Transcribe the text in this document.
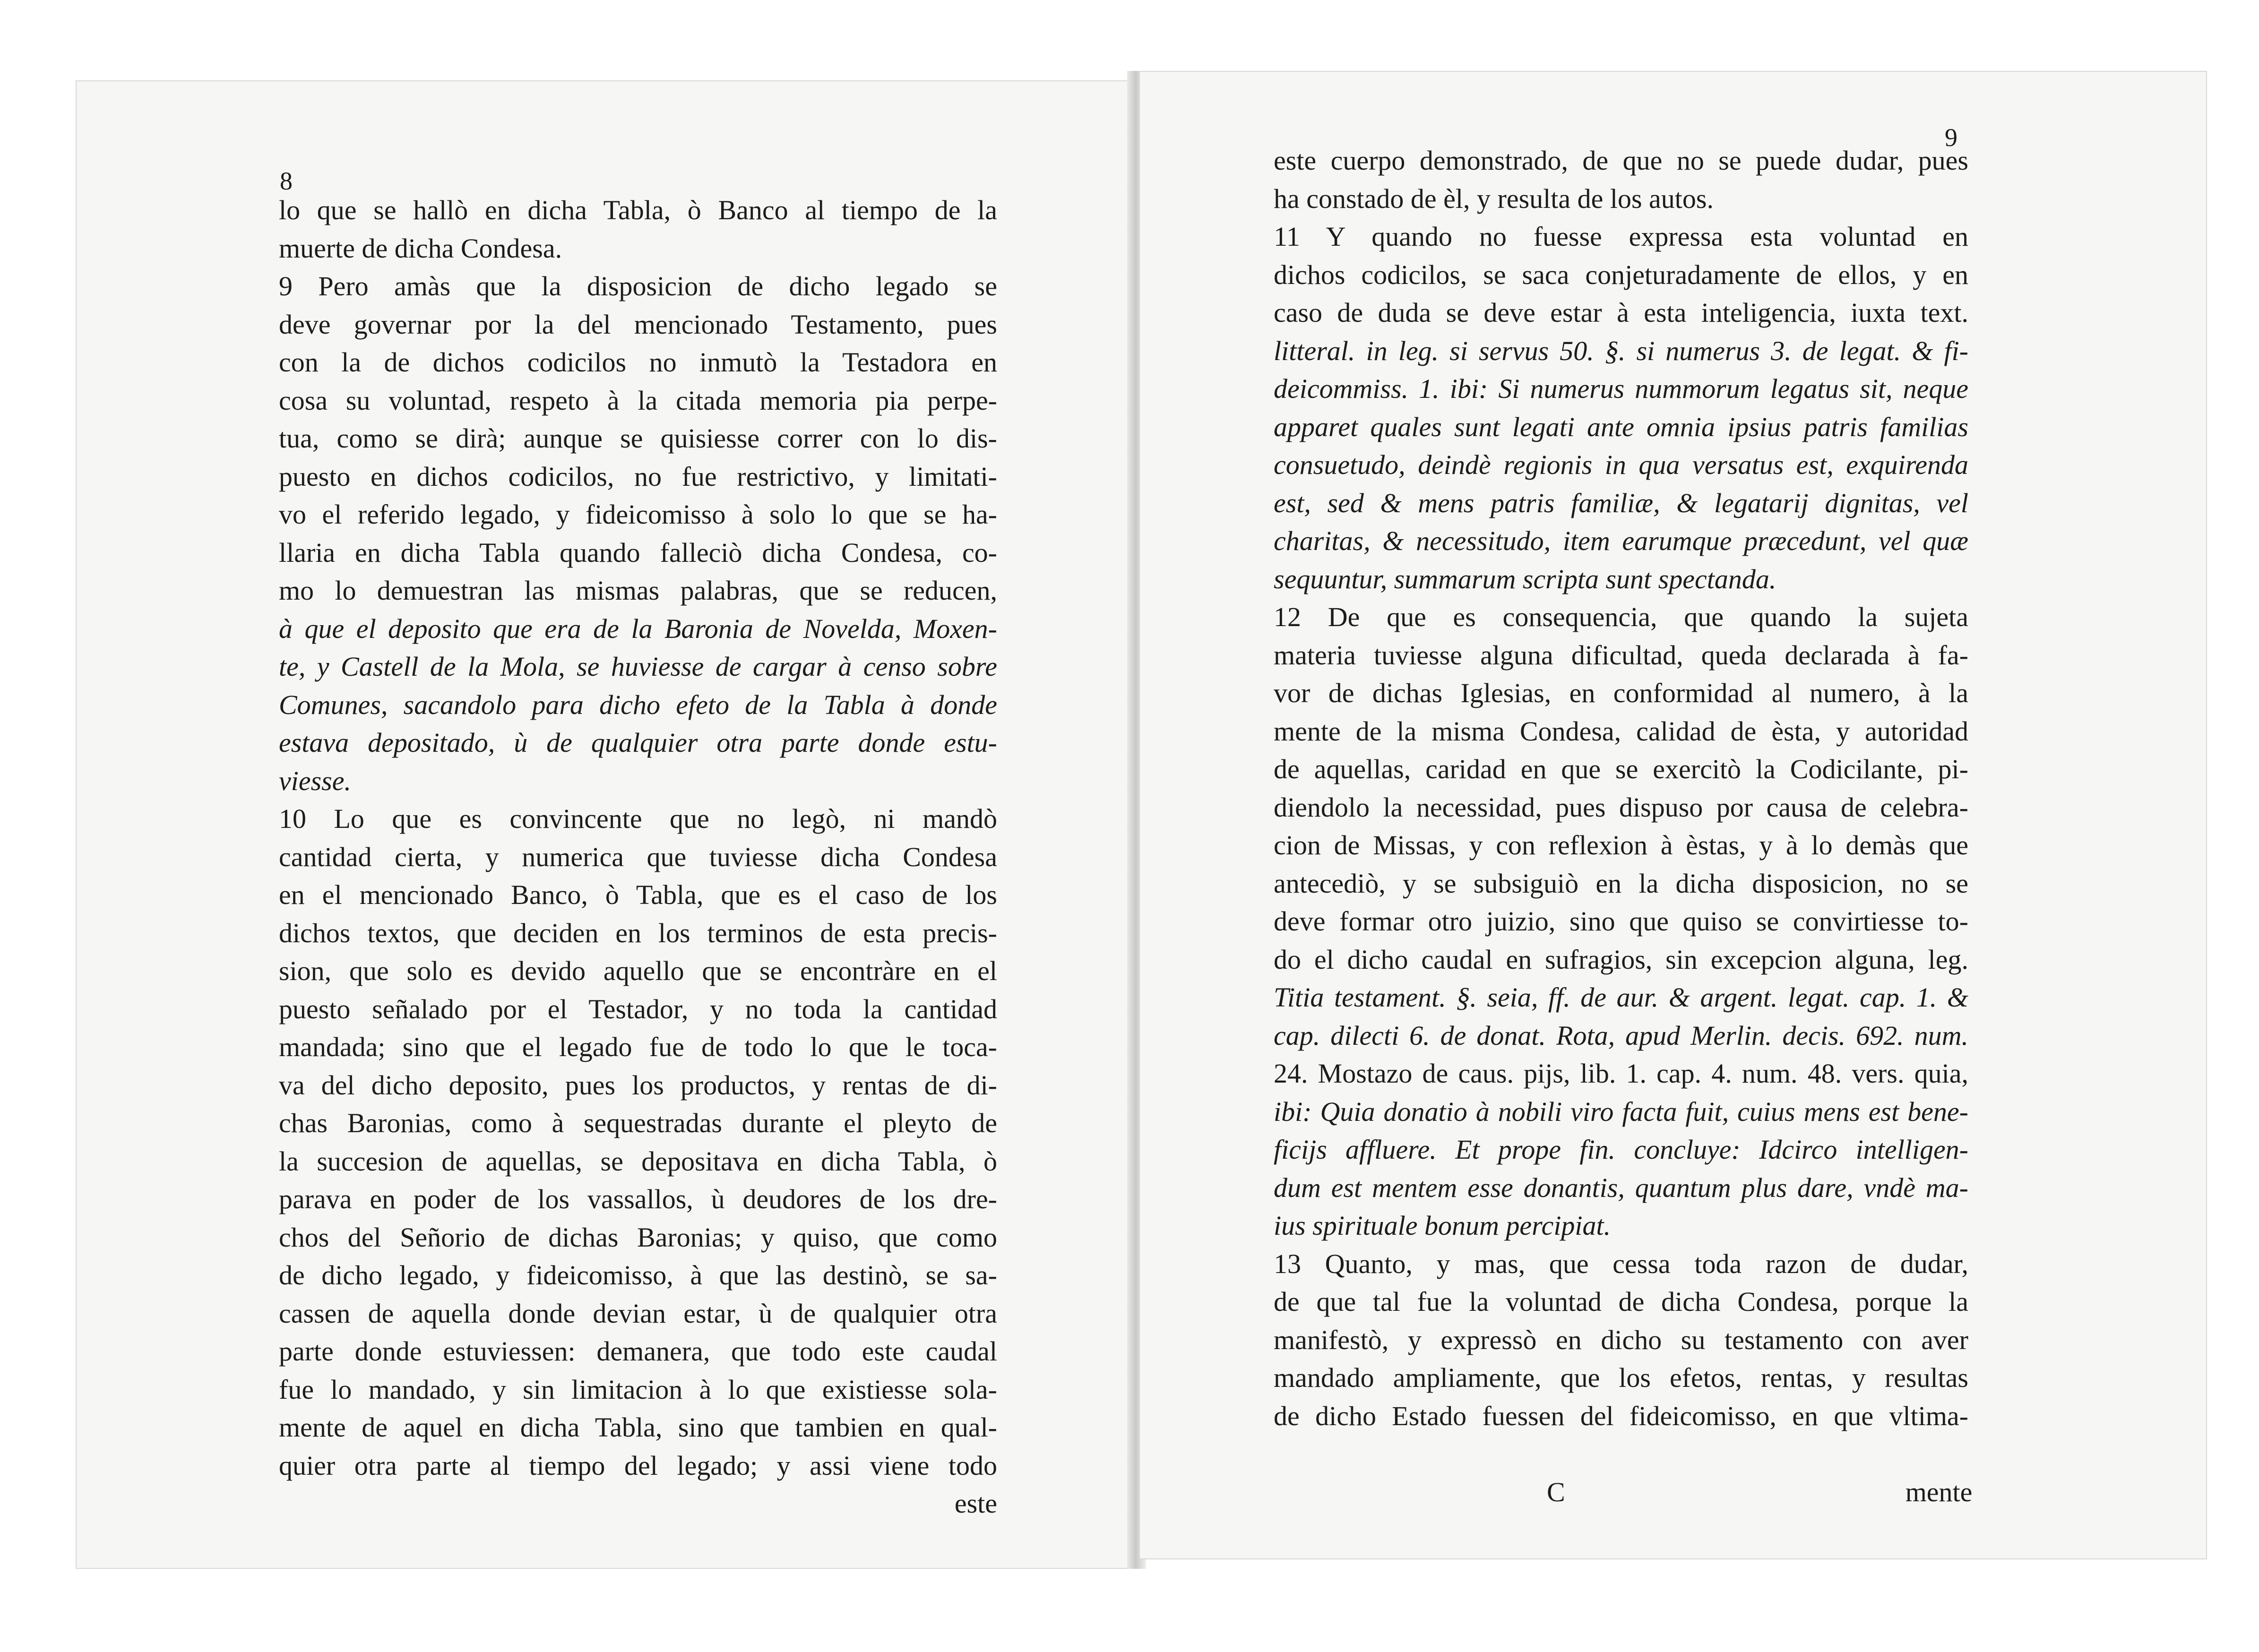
8
9
lo que se hallò en dicha Tabla, ò Banco al tiempo de la
muerte de dicha Condesa.
9 Pero amàs que la disposicion de dicho legado se
deve governar por la del mencionado Testamento, pues
con la de dichos codicilos no inmutò la Testadora en
cosa su voluntad, respeto à la citada memoria pia perpe-
tua, como se dirà; aunque se quisiesse correr con lo dis-
puesto en dichos codicilos, no fue restrictivo, y limitati-
vo el referido legado, y fideicomisso à solo lo que se ha-
llaria en dicha Tabla quando falleciò dicha Condesa, co-
mo lo demuestran las mismas palabras, que se reducen,
à que el deposito que era de la Baronia de Novelda, Moxen-
te, y Castell de la Mola, se huviesse de cargar à censo sobre
Comunes, sacandolo para dicho efeto de la Tabla à donde
estava depositado, ù de qualquier otra parte donde estu-
viesse.
10 Lo que es convincente que no legò, ni mandò
cantidad cierta, y numerica que tuviesse dicha Condesa
en el mencionado Banco, ò Tabla, que es el caso de los
dichos textos, que deciden en los terminos de esta precis-
sion, que solo es devido aquello que se encontràre en el
puesto señalado por el Testador, y no toda la cantidad
mandada; sino que el legado fue de todo lo que le toca-
va del dicho deposito, pues los productos, y rentas de di-
chas Baronias, como à sequestradas durante el pleyto de
la succesion de aquellas, se depositava en dicha Tabla, ò
parava en poder de los vassallos, ù deudores de los dre-
chos del Señorio de dichas Baronias; y quiso, que como
de dicho legado, y fideicomisso, à que las destinò, se sa-
cassen de aquella donde devian estar, ù de qualquier otra
parte donde estuviessen: demanera, que todo este caudal
fue lo mandado, y sin limitacion à lo que existiesse sola-
mente de aquel en dicha Tabla, sino que tambien en qual-
quier otra parte al tiempo del legado; y assi viene todo
este
este cuerpo demonstrado, de que no se puede dudar, pues
ha constado de èl, y resulta de los autos.
11 Y quando no fuesse expressa esta voluntad en
dichos codicilos, se saca conjeturadamente de ellos, y en
caso de duda se deve estar à esta inteligencia, iuxta text.
litteral. in leg. si servus 50. §. si numerus 3. de legat. & fi-
deicommiss. 1. ibi: Si numerus nummorum legatus sit, neque
apparet quales sunt legati ante omnia ipsius patris familias
consuetudo, deindè regionis in qua versatus est, exquirenda
est, sed & mens patris familiæ, & legatarij dignitas, vel
charitas, & necessitudo, item earumque præcedunt, vel quæ
sequuntur, summarum scripta sunt spectanda.
12 De que es consequencia, que quando la sujeta
materia tuviesse alguna dificultad, queda declarada à fa-
vor de dichas Iglesias, en conformidad al numero, à la
mente de la misma Condesa, calidad de èsta, y autoridad
de aquellas, caridad en que se exercitò la Codicilante, pi-
diendolo la necessidad, pues dispuso por causa de celebra-
cion de Missas, y con reflexion à èstas, y à lo demàs que
antecediò, y se subsiguiò en la dicha disposicion, no se
deve formar otro juizio, sino que quiso se convirtiesse to-
do el dicho caudal en sufragios, sin excepcion alguna, leg.
Titia testament. §. seia, ff. de aur. & argent. legat. cap. 1. &
cap. dilecti 6. de donat. Rota, apud Merlin. decis. 692. num.
24. Mostazo de caus. pijs, lib. 1. cap. 4. num. 48. vers. quia,
ibi: Quia donatio à nobili viro facta fuit, cuius mens est bene-
ficijs affluere. Et prope fin. concluye: Idcirco intelligen-
dum est mentem esse donantis, quantum plus dare, vndè ma-
ius spirituale bonum percipiat.
13 Quanto, y mas, que cessa toda razon de dudar,
de que tal fue la voluntad de dicha Condesa, porque la
manifestò, y expressò en dicho su testamento con aver
mandado ampliamente, que los efetos, rentas, y resultas
de dicho Estado fuessen del fideicomisso, en que vltima-

C	mente
